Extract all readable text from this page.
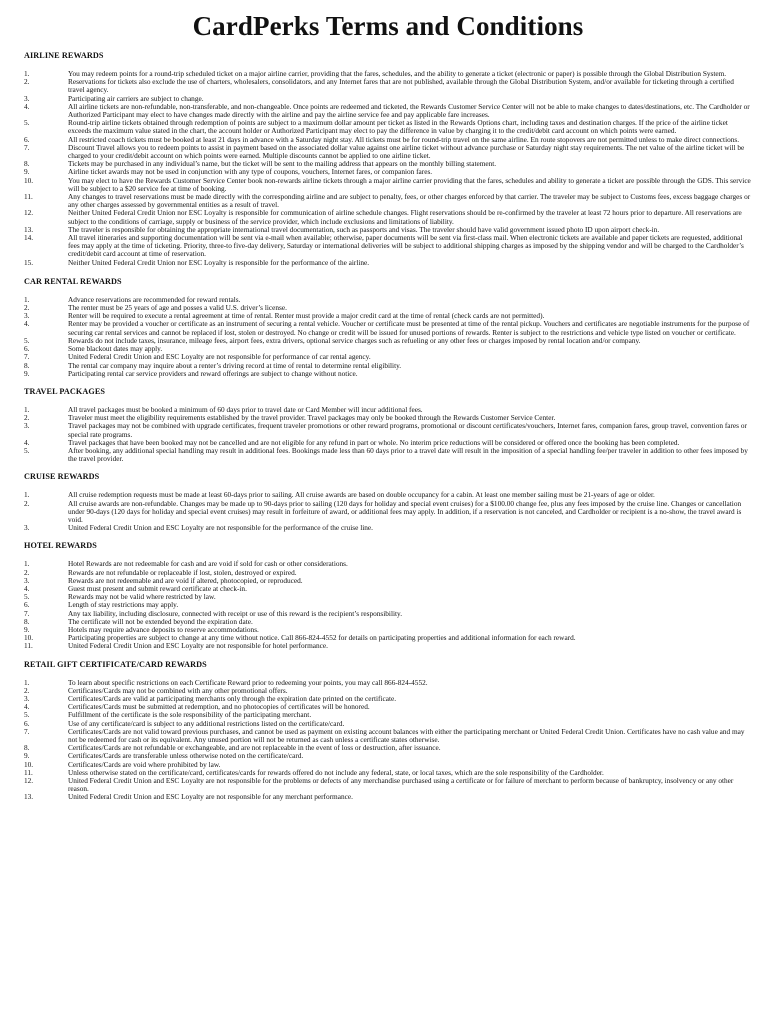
CardPerks Terms and Conditions
AIRLINE REWARDS
1.	You may redeem points for a round-trip scheduled ticket on a major airline carrier, providing that the fares, schedules, and the ability to generate a ticket (electronic or paper) is possible through the Global Distribution System.
2.	Reservations for tickets also exclude the use of charters, wholesalers, consolidators, and any Internet fares that are not published, available through the Global Distribution System, and/or available for ticketing through a certified travel agency.
3.	Participating air carriers are subject to change.
4.	All airline tickets are non-refundable, non-transferable, and non-changeable. Once points are redeemed and ticketed, the Rewards Customer Service Center will not be able to make changes to dates/destinations, etc. The Cardholder or Authorized Participant may elect to have changes made directly with the airline and pay the airline service fee and pay applicable fare increases.
5.	Round-trip airline tickets obtained through redemption of points are subject to a maximum dollar amount per ticket as listed in the Rewards Options chart, including taxes and destination charges. If the price of the airline ticket exceeds the maximum value stated in the chart, the account holder or Authorized Participant may elect to pay the difference in value by charging it to the credit/debit card account on which points were earned.
6.	All restricted coach tickets must be booked at least 21 days in advance with a Saturday night stay. All tickets must be for round-trip travel on the same airline. En route stopovers are not permitted unless to make direct connections.
7.	Discount Travel allows you to redeem points to assist in payment based on the associated dollar value against one airline ticket without advance purchase or Saturday night stay requirements. The net value of the airline ticket will be charged to your credit/debit account on which points were earned. Multiple discounts cannot be applied to one airline ticket.
8.	Tickets may be purchased in any individual’s name, but the ticket will be sent to the mailing address that appears on the monthly billing statement.
9.	Airline ticket awards may not be used in conjunction with any type of coupons, vouchers, Internet fares, or companion fares.
10.	You may elect to have the Rewards Customer Service Center book non-rewards airline tickets through a major airline carrier providing that the fares, schedules and ability to generate a ticket are possible through the GDS. This service will be subject to a $20 service fee at time of booking.
11.	Any changes to travel reservations must be made directly with the corresponding airline and are subject to penalty, fees, or other charges enforced by that carrier. The traveler may be subject to Customs fees, excess baggage charges or any other charges assessed by governmental entities as a result of travel.
12.	Neither United Federal Credit Union nor ESC Loyalty is responsible for communication of airline schedule changes. Flight reservations should be re-confirmed by the traveler at least 72 hours prior to departure. All reservations are subject to the conditions of carriage, supply or business of the service provider, which include exclusions and limitations of liability.
13.	The traveler is responsible for obtaining the appropriate international travel documentation, such as passports and visas. The traveler should have valid government issued photo ID upon airport check-in.
14.	All travel itineraries and supporting documentation will be sent via e-mail when available; otherwise, paper documents will be sent via first-class mail. When electronic tickets are available and paper tickets are requested, additional fees may apply at the time of ticketing. Priority, three-to five-day delivery, Saturday or international deliveries will be subject to additional shipping charges as imposed by the shipping vendor and will be charged to the Cardholder’s credit/debit card account at time of reservation.
15.	Neither United Federal Credit Union nor ESC Loyalty is responsible for the performance of the airline.
CAR RENTAL REWARDS
1.	Advance reservations are recommended for reward rentals.
2.	The renter must be 25 years of age and posses a valid U.S. driver’s license.
3.	Renter will be required to execute a rental agreement at time of rental. Renter must provide a major credit card at the time of rental (check cards are not permitted).
4.	Renter may be provided a voucher or certificate as an instrument of securing a rental vehicle. Voucher or certificate must be presented at time of the rental pickup. Vouchers and certificates are negotiable instruments for the purpose of securing car rental services and cannot be replaced if lost, stolen or destroyed. No change or credit will be issued for unused portions of rewards. Renter is subject to the restrictions and vehicle type listed on voucher or certificate.
5.	Rewards do not include taxes, insurance, mileage fees, airport fees, extra drivers, optional service charges such as refueling or any other fees or charges imposed by rental location and/or company.
6.	Some blackout dates may apply.
7.	United Federal Credit Union and ESC Loyalty are not responsible for performance of car rental agency.
8.	The rental car company may inquire about a renter’s driving record at time of rental to determine rental eligibility.
9.	Participating rental car service providers and reward offerings are subject to change without notice.
TRAVEL PACKAGES
1.	All travel packages must be booked a minimum of 60 days prior to travel date or Card Member will incur additional fees.
2.	Traveler must meet the eligibility requirements established by the travel provider. Travel packages may only be booked through the Rewards Customer Service Center.
3.	Travel packages may not be combined with upgrade certificates, frequent traveler promotions or other reward programs, promotional or discount certificates/vouchers, Internet fares, companion fares, group travel, convention fares or special rate programs.
4.	Travel packages that have been booked may not be cancelled and are not eligible for any refund in part or whole. No interim price reductions will be considered or offered once the booking has been completed.
5.	After booking, any additional special handling may result in additional fees. Bookings made less than 60 days prior to a travel date will result in the imposition of a special handling fee/per traveler in addition to other fees imposed by the travel provider.
CRUISE REWARDS
1.	All cruise redemption requests must be made at least 60-days prior to sailing. All cruise awards are based on double occupancy for a cabin. At least one member sailing must be 21-years of age or older.
2.	All cruise awards are non-refundable. Changes may be made up to 90-days prior to sailing (120 days for holiday and special event cruises) for a $100.00 change fee, plus any fees imposed by the cruise line. Changes or cancellation under 90-days (120 days for holiday and special event cruises) may result in forfeiture of award, or additional fees may apply. In addition, if a reservation is not canceled, and Cardholder or recipient is a no-show, the travel award is void.
3.	United Federal Credit Union and ESC Loyalty are not responsible for the performance of the cruise line.
HOTEL REWARDS
1.	Hotel Rewards are not redeemable for cash and are void if sold for cash or other considerations.
2.	Rewards are not refundable or replaceable if lost, stolen, destroyed or expired.
3.	Rewards are not redeemable and are void if altered, photocopied, or reproduced.
4.	Guest must present and submit reward certificate at check-in.
5.	Rewards may not be valid where restricted by law.
6.	Length of stay restrictions may apply.
7.	Any tax liability, including disclosure, connected with receipt or use of this reward is the recipient’s responsibility.
8.	The certificate will not be extended beyond the expiration date.
9.	Hotels may require advance deposits to reserve accommodations.
10.	Participating properties are subject to change at any time without notice. Call 866-824-4552 for details on participating properties and additional information for each reward.
11.	United Federal Credit Union and ESC Loyalty are not responsible for hotel performance.
RETAIL GIFT CERTIFICATE/CARD REWARDS
1.	To learn about specific restrictions on each Certificate Reward prior to redeeming your points, you may call 866-824-4552.
2.	Certificates/Cards may not be combined with any other promotional offers.
3.	Certificates/Cards are valid at participating merchants only through the expiration date printed on the certificate.
4.	Certificates/Cards must be submitted at redemption, and no photocopies of certificates will be honored.
5.	Fulfillment of the certificate is the sole responsibility of the participating merchant.
6.	Use of any certificate/card is subject to any additional restrictions listed on the certificate/card.
7.	Certificates/Cards are not valid toward previous purchases, and cannot be used as payment on existing account balances with either the participating merchant or United Federal Credit Union. Certificates have no cash value and may not be redeemed for cash or its equivalent. Any unused portion will not be returned as cash unless a certificate states otherwise.
8.	Certificates/Cards are not refundable or exchangeable, and are not replaceable in the event of loss or destruction, after issuance.
9.	Certificates/Cards are transferable unless otherwise noted on the certificate/card.
10.	Certificates/Cards are void where prohibited by law.
11.	Unless otherwise stated on the certificate/card, certificates/cards for rewards offered do not include any federal, state, or local taxes, which are the sole responsibility of the Cardholder.
12.	United Federal Credit Union and ESC Loyalty are not responsible for the problems or defects of any merchandise purchased using a certificate or for failure of merchant to perform because of bankruptcy, insolvency or any other reason.
13.	United Federal Credit Union and ESC Loyalty are not responsible for any merchant performance.
